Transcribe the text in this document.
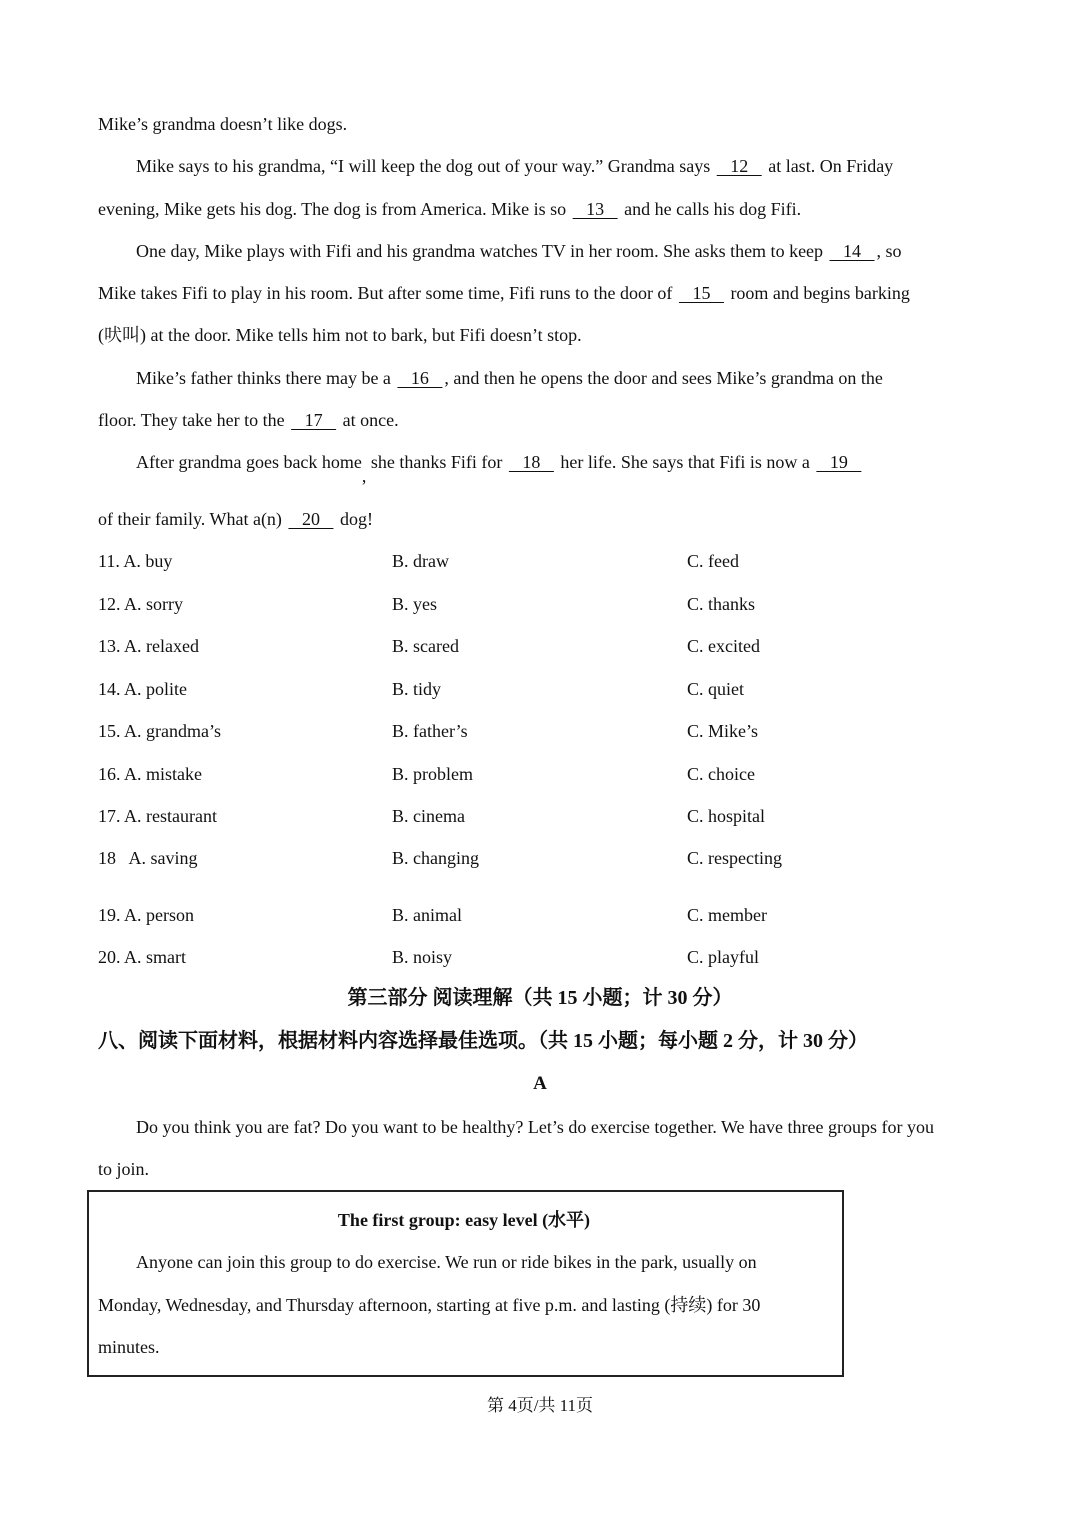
Mike’s grandma doesn’t like dogs.
Mike says to his grandma, “I will keep the dog out of your way.” Grandma says    12    at last. On Friday
evening, Mike gets his dog. The dog is from America. Mike is so    13    and he calls his dog Fifi.
One day, Mike plays with Fifi and his grandma watches TV in her room. She asks them to keep    14   , so
Mike takes Fifi to play in his room. But after some time, Fifi runs to the door of    15    room and begins barking
(吠叫) at the door. Mike tells him not to bark, but Fifi doesn’t stop.
Mike’s father thinks there may be a    16   , and then he opens the door and sees Mike’s grandma on the
floor. They take her to the    17    at once.
After grandma goes back home, she thanks Fifi for    18    her life. She says that Fifi is now a    19
of their family. What a(n)    20    dog!
11. A. buy	B. draw	C. feed
12. A. sorry	B. yes	C. thanks
13. A. relaxed	B. scared	C. excited
14. A. polite	B. tidy	C. quiet
15. A. grandma’s	B. father’s	C. Mike’s
16. A. mistake	B. problem	C. choice
17. A. restaurant	B. cinema	C. hospital
18   A. saving	B. changing	C. respecting
19. A. person	B. animal	C. member
20. A. smart	B. noisy	C. playful
第三部分 阅读理解（共 15 小题；计 30 分）
八、阅读下面材料，根据材料内容选择最佳选项。（共 15 小题；每小题 2 分，计 30 分）
A
Do you think you are fat? Do you want to be healthy? Let’s do exercise together. We have three groups for you
to join.
The first group: easy level (水平)
Anyone can join this group to do exercise. We run or ride bikes in the park, usually on
Monday, Wednesday, and Thursday afternoon, starting at five p.m. and lasting (持续) for 30
minutes.
第 4页/共 11页
